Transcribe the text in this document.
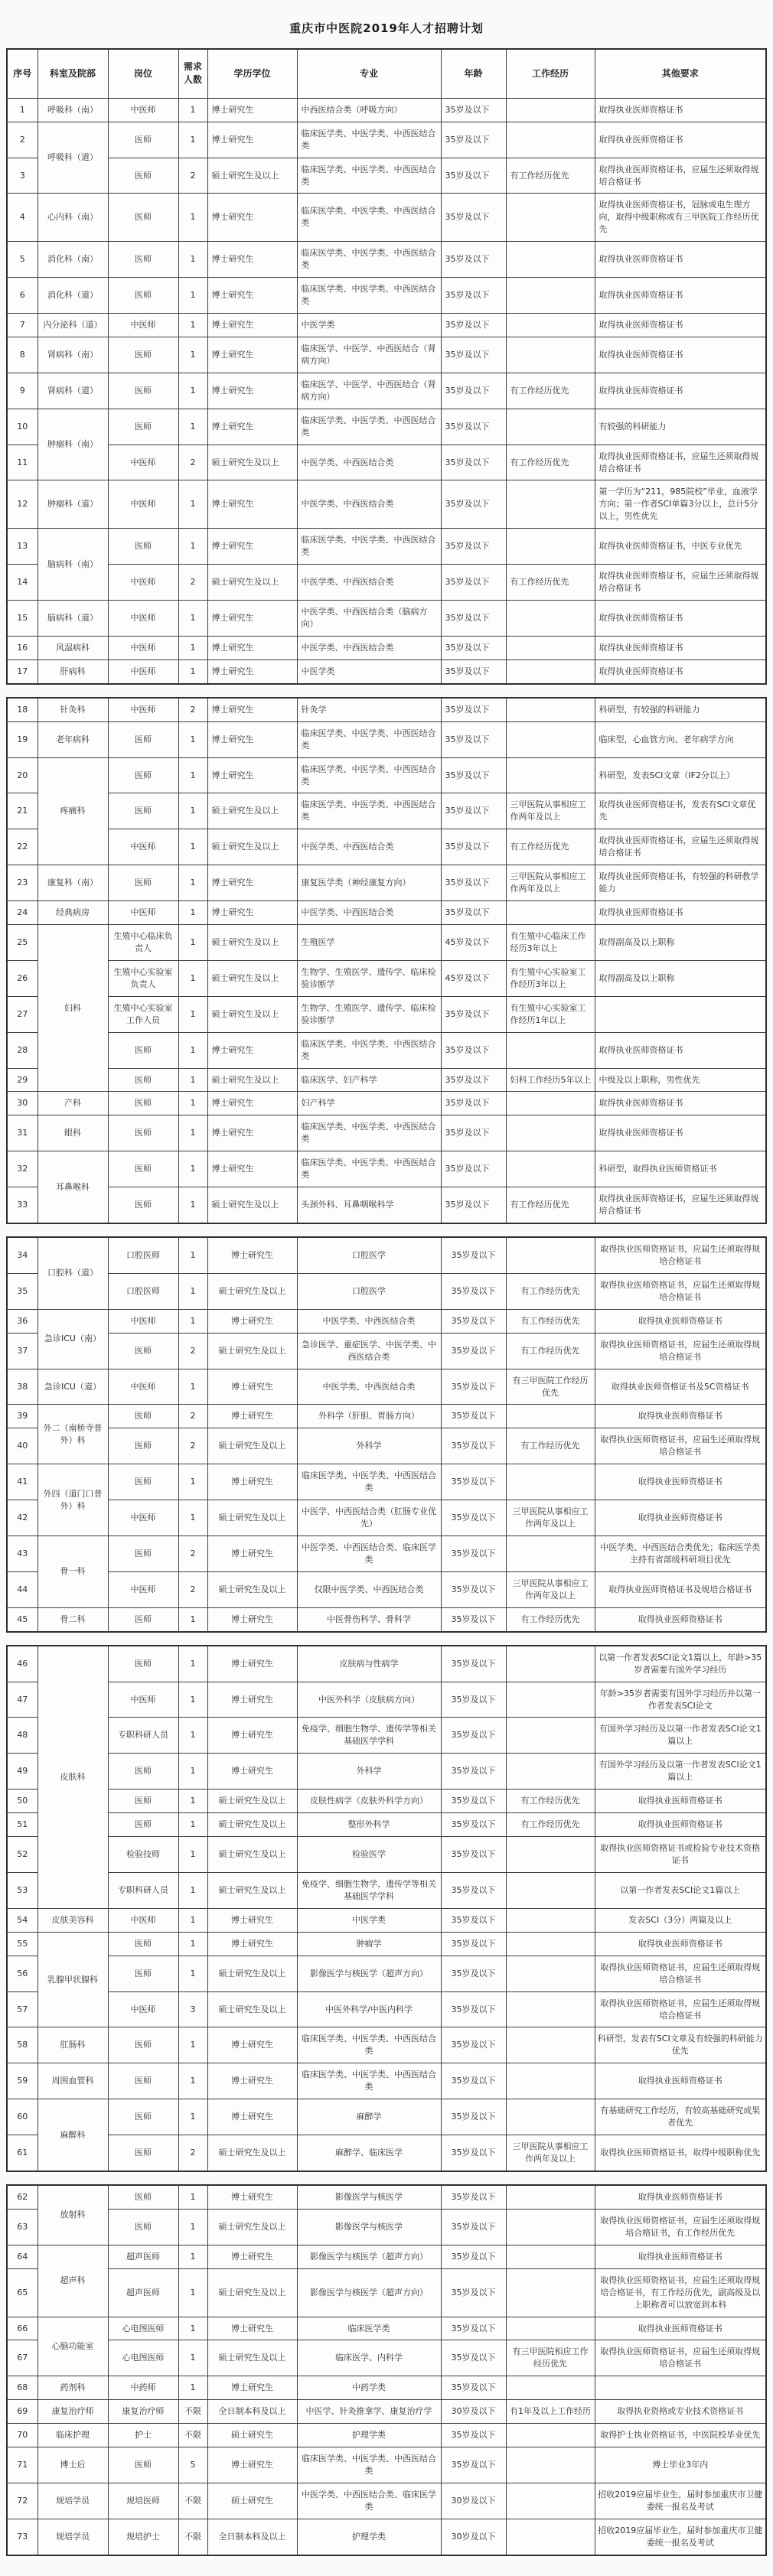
重庆市中医院2019年人才招聘计划
序号	科室及院部	岗位	需求人数	学历学位	专业	年龄	工作经历	其他要求
1	呼吸科（南）	中医师	1	博士研究生	中西医结合类（呼吸方向）	35岁及以下		取得执业医师资格证书
2	呼吸科（道）	医师	1	博士研究生	临床医学类、中医学类、中西医结合类	35岁及以下		取得执业医师资格证书
3		医师	2	硕士研究生及以上	临床医学类、中医学类、中西医结合类	35岁及以下	有工作经历优先	取得执业医师资格证书，应届生还须取得规培合格证书
4	心内科（南）	医师	1	博士研究生	临床医学类、中医学类、中西医结合类	35岁及以下		取得执业医师资格证书，冠脉或电生理方向，取得中级职称或有三甲医院工作经历优先
5	消化科（南）	医师	1	博士研究生	临床医学类、中医学类、中西医结合类	35岁及以下		取得执业医师资格证书
6	消化科（道）	医师	1	博士研究生	临床医学类、中医学类、中西医结合类	35岁及以下		取得执业医师资格证书
7	内分泌科（道）	中医师	1	博士研究生	中医学类	35岁及以下		取得执业医师资格证书
8	肾病科（南）	医师	1	博士研究生	临床医学、中医学、中西医结合（肾病方向）	35岁及以下		取得执业医师资格证书
9	肾病科（道）	医师	1	博士研究生	临床医学、中医学、中西医结合（肾病方向）	35岁及以下	有工作经历优先	取得执业医师资格证书
10	肿瘤科（南）	医师	1	博士研究生	临床医学类、中医学类、中西医结合类	35岁及以下		有较强的科研能力
11		中医师	2	硕士研究生及以上	中医学类、中西医结合类	35岁及以下	有工作经历优先	取得执业医师资格证书，应届生还须取得规培合格证书
12	肿瘤科（道）	中医师	1	博士研究生	中医学类、中西医结合类	35岁及以下		第一学历为“211，985院校”毕业，血液学方向；第一作者SCI单篇3分以上，总计5分以上，男性优先
13	脑病科（南）	医师	1	博士研究生	临床医学类、中医学类、中西医结合类	35岁及以下		取得执业医师资格证书，中医专业优先
14		中医师	2	硕士研究生及以上	中医学类、中西医结合类	35岁及以下	有工作经历优先	取得执业医师资格证书，应届生还须取得规培合格证书
15	脑病科（道）	中医师	1	博士研究生	中医学类、中西医结合类（脑病方向）	35岁及以下		取得执业医师资格证书
16	风湿病科	中医师	1	博士研究生	中医学类、中西医结合类	35岁及以下		取得执业医师资格证书
17	肝病科	中医师	1	博士研究生	中医学类	35岁及以下		取得执业医师资格证书
18	针灸科	中医师	2	博士研究生	针灸学	35岁及以下		科研型，有较强的科研能力
19	老年病科	医师	1	博士研究生	临床医学类、中医学类、中西医结合类	35岁及以下		临床型，心血管方向、老年病学方向
20	疼痛科	医师	1	博士研究生	临床医学类、中医学类、中西医结合类	35岁及以下		科研型，发表SCI文章（IF2分以上）
21		医师	1	硕士研究生及以上	临床医学类、中医学类、中西医结合类	35岁及以下	三甲医院从事相应工作两年及以上	取得执业医师资格证书，发表有SCI文章优先
22		中医师	1	硕士研究生及以上	中医学类、中西医结合类	35岁及以下	有工作经历优先	取得执业医师资格证书，应届生还须取得规培合格证书
23	康复科（南）	医师	1	博士研究生	康复医学类（神经康复方向）	35岁及以下	三甲医院从事相应工作两年及以上	取得执业医师资格证书，有较强的科研教学能力
24	经典病房	中医师	1	博士研究生	中医学类、中西医结合类	35岁及以下		取得执业医师资格证书
25	妇科	生殖中心临床负责人	1	硕士研究生及以上	生殖医学	45岁及以下	有生殖中心临床工作经历3年以上	取得副高及以上职称
26		生殖中心实验室负责人	1	硕士研究生及以上	生物学、生殖医学、遗传学、临床检验诊断学	45岁及以下	有生殖中心实验室工作经历3年以上	取得副高及以上职称
27		生殖中心实验室工作人员	1	硕士研究生及以上	生物学、生殖医学、遗传学、临床检验诊断学	35岁及以下	有生殖中心实验室工作经历1年以上	
28		医师	1	博士研究生	临床医学类、中医学类、中西医结合类	35岁及以下		取得执业医师资格证书
29		医师	1	硕士研究生及以上	临床医学、妇产科学	35岁及以下	妇科工作经历5年以上	中级及以上职称，男性优先
30	产科	医师	1	博士研究生	妇产科学	35岁及以下		取得执业医师资格证书
31	眼科	医师	1	博士研究生	临床医学类、中医学类、中西医结合类	35岁及以下		取得执业医师资格证书
32	耳鼻喉科	医师	1	博士研究生	临床医学类、中医学类、中西医结合类	35岁及以下		科研型，取得执业医师资格证书
33		医师	1	硕士研究生及以上	头颈外科、耳鼻咽喉科学	35岁及以下	有工作经历优先	取得执业医师资格证书，应届生还须取得规培合格证书
34	口腔科（道）	口腔医师	1	博士研究生	口腔医学	35岁及以下		取得执业医师资格证书，应届生还须取得规培合格证书
35		口腔医师	1	硕士研究生及以上	口腔医学	35岁及以下	有工作经历优先	取得执业医师资格证书，应届生还须取得规培合格证书
36	急诊ICU（南）	中医师	1	博士研究生	中医学类、中西医结合类	35岁及以下	有工作经历优先	取得执业医师资格证书
37		医师	2	硕士研究生及以上	急诊医学、重症医学、中医学类、中西医结合类	35岁及以下	有工作经历优先	取得执业医师资格证书，应届生还须取得规培合格证书
38	急诊ICU（道）	中医师	1	博士研究生	中医学类、中西医结合类	35岁及以下	有三甲医院工作经历优先	取得执业医师资格证书及5C资格证书
39	外二（南桥寺普外）科	医师	2	博士研究生	外科学（肝胆、胃肠方向）	35岁及以下		取得执业医师资格证书
40		医师	2	硕士研究生及以上	外科学	35岁及以下	有工作经历优先	取得执业医师资格证书，应届生还须取得规培合格证书
41	外四（道门口普外）科	医师	1	博士研究生	临床医学类、中医学类、中西医结合类	35岁及以下		取得执业医师资格证书
42		中医师	1	硕士研究生及以上	中医学、中西医结合类（肛肠专业优先）	35岁及以下	三甲医院从事相应工作两年及以上	取得执业医师资格证书
43	骨一科	医师	2	博士研究生	中医学类、中西医结合类、临床医学类	35岁及以下		中医学类、中西医结合类优先；临床医学类主持有省部级科研项目优先
44		中医师	2	硕士研究生及以上	仅限中医学类、中西医结合类	35岁及以下	三甲医院从事相应工作两年及以上	取得执业医师资格证书及规培合格证书
45	骨二科	医师	1	博士研究生	中医骨伤科学、骨科学	35岁及以下	有工作经历优先	取得执业医师资格证书
46	皮肤科	医师	1	博士研究生	皮肤病与性病学	35岁及以下		以第一作者发表SCI论文1篇以上，年龄>35岁者需要有国外学习经历
47		中医师	1	博士研究生	中医外科学（皮肤病方向）	35岁及以下		年龄>35岁者需要有国外学习经历并以第一作者发表SCI论文
48		专职科研人员	1	博士研究生	免疫学、细胞生物学、遗传学等相关基础医学学科	35岁及以下		有国外学习经历及以第一作者发表SCI论文1篇以上
49		医师	1	博士研究生	外科学	35岁及以下		有国外学习经历及以第一作者发表SCI论文1篇以上
50		医师	1	硕士研究生及以上	皮肤性病学（皮肤外科学方向）	35岁及以下	有工作经历优先	取得执业医师资格证书
51		医师	1	硕士研究生及以上	整形外科学	35岁及以下	有工作经历优先	取得执业医师资格证书
52		检验技师	1	硕士研究生及以上	检验医学	35岁及以下		取得执业医师资格证书或检验专业技术资格证书
53		专职科研人员	1	硕士研究生及以上	免疫学、细胞生物学、遗传学等相关基础医学学科	35岁及以下		以第一作者发表SCI论文1篇以上
54	皮肤美容科	中医师	1	博士研究生	中医学类	35岁及以下		发表SCI（3分）两篇及以上
55	乳腺甲状腺科	医师	1	博士研究生	肿瘤学	35岁及以下		取得执业医师资格证书
56		医师	1	硕士研究生及以上	影像医学与核医学（超声方向）	35岁及以下		取得执业医师资格证书，应届生还须取得规培合格证书
57		中医师	3	硕士研究生及以上	中医外科学/中医内科学	35岁及以下		取得执业医师资格证书，应届生还须取得规培合格证书
58	肛肠科	医师	1	博士研究生	临床医学类、中医学类、中西医结合类	35岁及以下		科研型，发表有SCI文章及有较强的科研能力优先
59	周围血管科	医师	1	博士研究生	临床医学类、中医学类、中西医结合类	35岁及以下		取得执业医师资格证书
60	麻醉科	医师	1	博士研究生	麻醉学	35岁及以下		有基础研究工作经历，有较高基础研究成果者优先
61		医师	2	硕士研究生及以上	麻醉学、临床医学	35岁及以下	三甲医院从事相应工作两年及以上	取得执业医师资格证书，取得中级职称优先
62	放射科	医师	1	博士研究生	影像医学与核医学	35岁及以下		取得执业医师资格证书
63		医师	1	硕士研究生及以上	影像医学与核医学	35岁及以下		取得执业医师资格证书，应届生还须取得规培合格证书，有工作经历优先
64	超声科	超声医师	1	博士研究生	影像医学与核医学（超声方向）	35岁及以下		取得执业医师资格证书
65		超声医师	1	硕士研究生及以上	影像医学与核医学（超声方向）	35岁及以下		取得执业医师资格证书，应届生还须取得规培合格证书，有工作经历优先，副高级及以上职称者可以放宽到本科
66	心脑功能室	心电图医师	1	博士研究生	临床医学类	35岁及以下		取得执业医师资格证书
67		心电图医师	1	硕士研究生及以上	临床医学、内科学	35岁及以下	有三甲医院相应工作经历优先	取得执业医师资格证书，应届生还须取得规培合格证书
68	药剂科	中药师	1	博士研究生	中药学类	35岁及以下		
69	康复治疗师	康复治疗师	不限	全日制本科及以上	中医学、针灸推拿学、康复治疗学	30岁及以下	有1年及以上工作经历	取得执业资格或专业技术资格证书
70	临床护理	护士	不限	硕士研究生	护理学类	35岁及以下		取得护士执业资格证书，中医院校毕业优先
71	博士后	医师	5	博士研究生	临床医学类、中医学类、中西医结合类	35岁及以下		博士毕业3年内
72	规培学员	规培医师	不限	硕士研究生	中医学类、中西医结合类、临床医学类	30岁及以下		招收2019应届毕业生，届时参加重庆市卫健委统一报名及考试
73	规培学员	规培护士	不限	全日制本科及以上	护理学类	30岁及以下		招收2019应届毕业生，届时参加重庆市卫健委统一报名及考试
